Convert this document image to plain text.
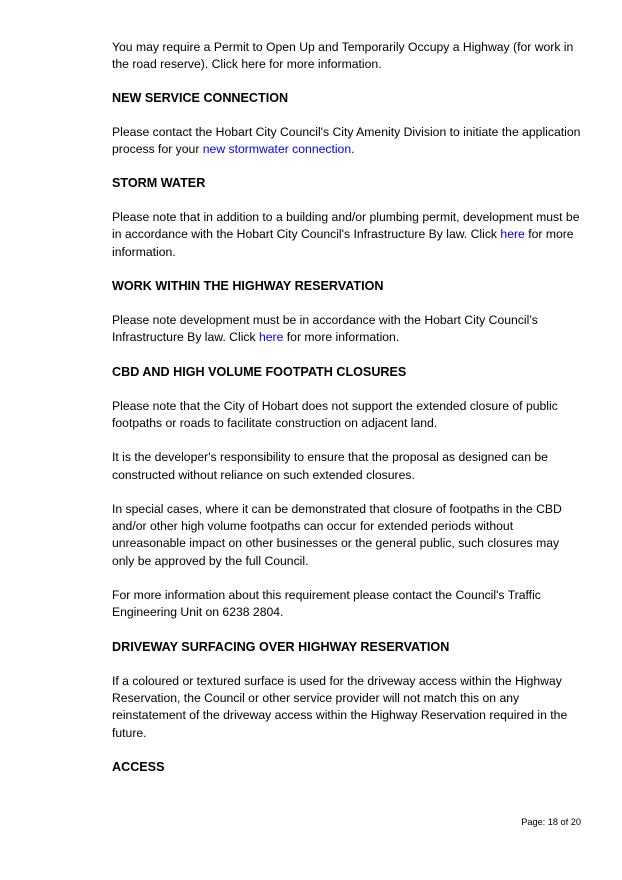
You may require a Permit to Open Up and Temporarily Occupy a Highway (for work in the road reserve). Click here for more information.

NEW SERVICE CONNECTION

Please contact the Hobart City Council's City Amenity Division to initiate the application process for your new stormwater connection.

STORM WATER

Please note that in addition to a building and/or plumbing permit, development must be in accordance with the Hobart City Council's Infrastructure By law. Click here for more information.

WORK WITHIN THE HIGHWAY RESERVATION

Please note development must be in accordance with the Hobart City Council’s Infrastructure By law. Click here for more information.

CBD AND HIGH VOLUME FOOTPATH CLOSURES

Please note that the City of Hobart does not support the extended closure of public footpaths or roads to facilitate construction on adjacent land.

It is the developer's responsibility to ensure that the proposal as designed can be constructed without reliance on such extended closures.

In special cases, where it can be demonstrated that closure of footpaths in the CBD and/or other high volume footpaths can occur for extended periods without unreasonable impact on other businesses or the general public, such closures may only be approved by the full Council.

For more information about this requirement please contact the Council's Traffic Engineering Unit on 6238 2804.

DRIVEWAY SURFACING OVER HIGHWAY RESERVATION

If a coloured or textured surface is used for the driveway access within the Highway Reservation, the Council or other service provider will not match this on any reinstatement of the driveway access within the Highway Reservation required in the future.

ACCESS
Page: 18 of 20
